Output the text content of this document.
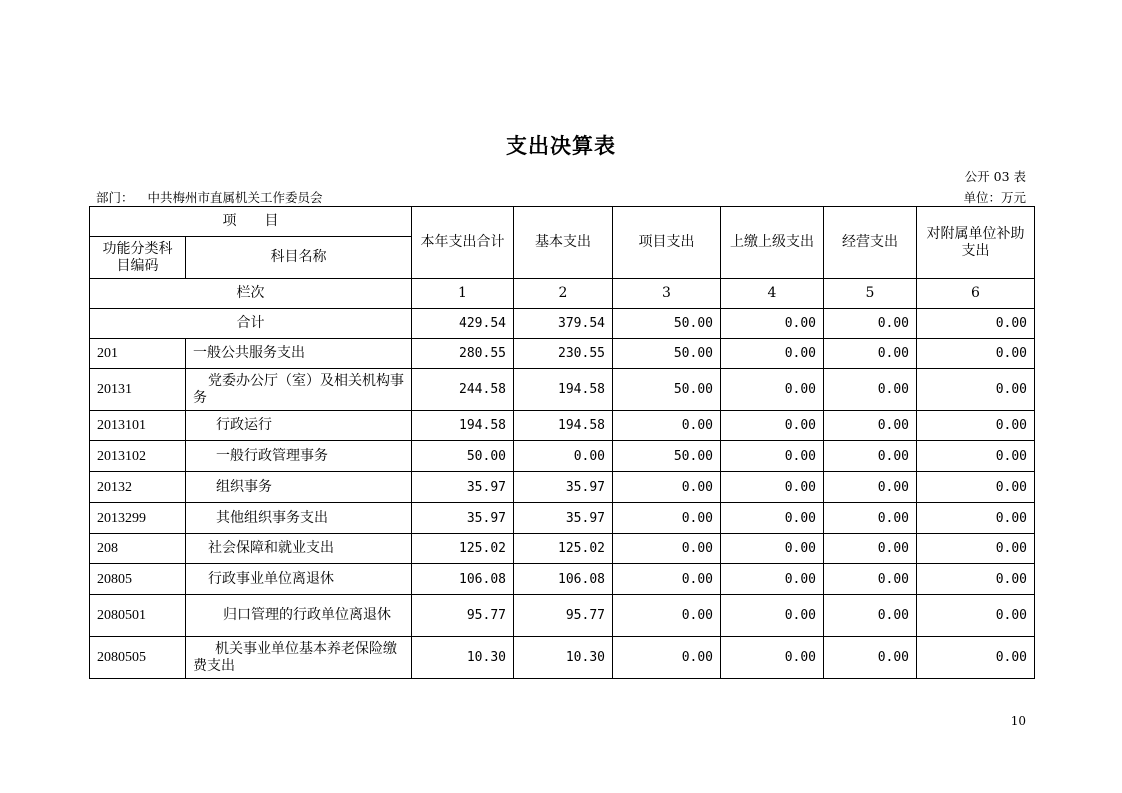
支出决算表
公开 03 表
部门： 中共梅州市直属机关工作委员会	单位：万元
项　　目		本年支出合计	基本支出	项目支出	上缴上级支出	经营支出	对附属单位补助支出
功能分类科目编码	科目名称						
栏次		1	2	3	4	5	6
合计		429.54	379.54	50.00	0.00	0.00	0.00
201	一般公共服务支出	280.55	230.55	50.00	0.00	0.00	0.00
20131	党委办公厅（室）及相关机构事务	244.58	194.58	50.00	0.00	0.00	0.00
2013101	行政运行	194.58	194.58	0.00	0.00	0.00	0.00
2013102	一般行政管理事务	50.00	0.00	50.00	0.00	0.00	0.00
20132	组织事务	35.97	35.97	0.00	0.00	0.00	0.00
2013299	其他组织事务支出	35.97	35.97	0.00	0.00	0.00	0.00
208	社会保障和就业支出	125.02	125.02	0.00	0.00	0.00	0.00
20805	行政事业单位离退休	106.08	106.08	0.00	0.00	0.00	0.00
2080501	归口管理的行政单位离退休	95.77	95.77	0.00	0.00	0.00	0.00
2080505	机关事业单位基本养老保险缴费支出	10.30	10.30	0.00	0.00	0.00	0.00
10
